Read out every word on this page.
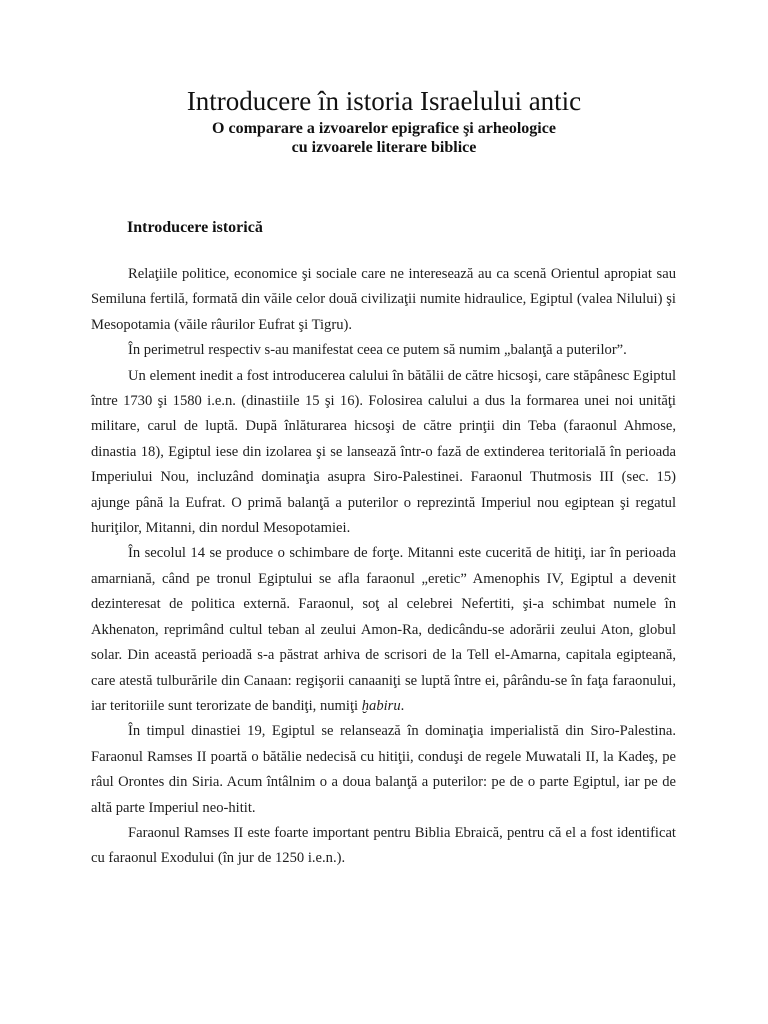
Introducere în istoria Israelului antic
O comparare a izvoarelor epigrafice şi arheologice
cu izvoarele literare biblice
Introducere istorică

Relaţiile politice, economice şi sociale care ne interesează au ca scenă Orientul apropiat sau Semiluna fertilă, formată din văile celor două civilizaţii numite hidraulice, Egiptul (valea Nilului) şi Mesopotamia (văile râurilor Eufrat şi Tigru).

În perimetrul respectiv s-au manifestat ceea ce putem să numim „balanţă a puterilor”.

Un element inedit a fost introducerea calului în bătălii de către hicsoşi, care stăpânesc Egiptul între 1730 şi 1580 i.e.n. (dinastiile 15 şi 16). Folosirea calului a dus la formarea unei noi unităţi militare, carul de luptă. După înlăturarea hicsoşi de către prinţii din Teba (faraonul Ahmose, dinastia 18), Egiptul iese din izolarea şi se lansează într-o fază de extinderea teritorială în perioada Imperiului Nou, incluzând dominaţia asupra Siro-Palestinei. Faraonul Thutmosis III (sec. 15) ajunge până la Eufrat. O primă balanţă a puterilor o reprezintă Imperiul nou egiptean şi regatul huriţilor, Mitanni, din nordul Mesopotamiei.

În secolul 14 se produce o schimbare de forţe. Mitanni este cucerită de hitiţi, iar în perioada amarniană, când pe tronul Egiptului se afla faraonul „eretic” Amenophis IV, Egiptul a devenit dezinteresat de politica externă. Faraonul, soţ al celebrei Nefertiti, şi-a schimbat numele în Akhenaton, reprimând cultul teban al zeului Amon-Ra, dedicându-se adorării zeului Aton, globul solar. Din această perioadă s-a păstrat arhiva de scrisori de la Tell el-Amarna, capitala egipteană, care atestă tulburările din Canaan: regişorii canaaniţi se luptă între ei, pârându-se în faţa faraonului, iar teritoriile sunt terorizate de bandiţi, numiţi ḫabiru.

În timpul dinastiei 19, Egiptul se relansează în dominaţia imperialistă din Siro-Palestina. Faraonul Ramses II poartă o bătălie nedecisă cu hitiţii, conduşi de regele Muwatali II, la Kadeş, pe râul Orontes din Siria. Acum întâlnim o a doua balanţă a puterilor: pe de o parte Egiptul, iar pe de altă parte Imperiul neo-hitit.

Faraonul Ramses II este foarte important pentru Biblia Ebraică, pentru că el a fost identificat cu faraonul Exodului (în jur de 1250 i.e.n.).
